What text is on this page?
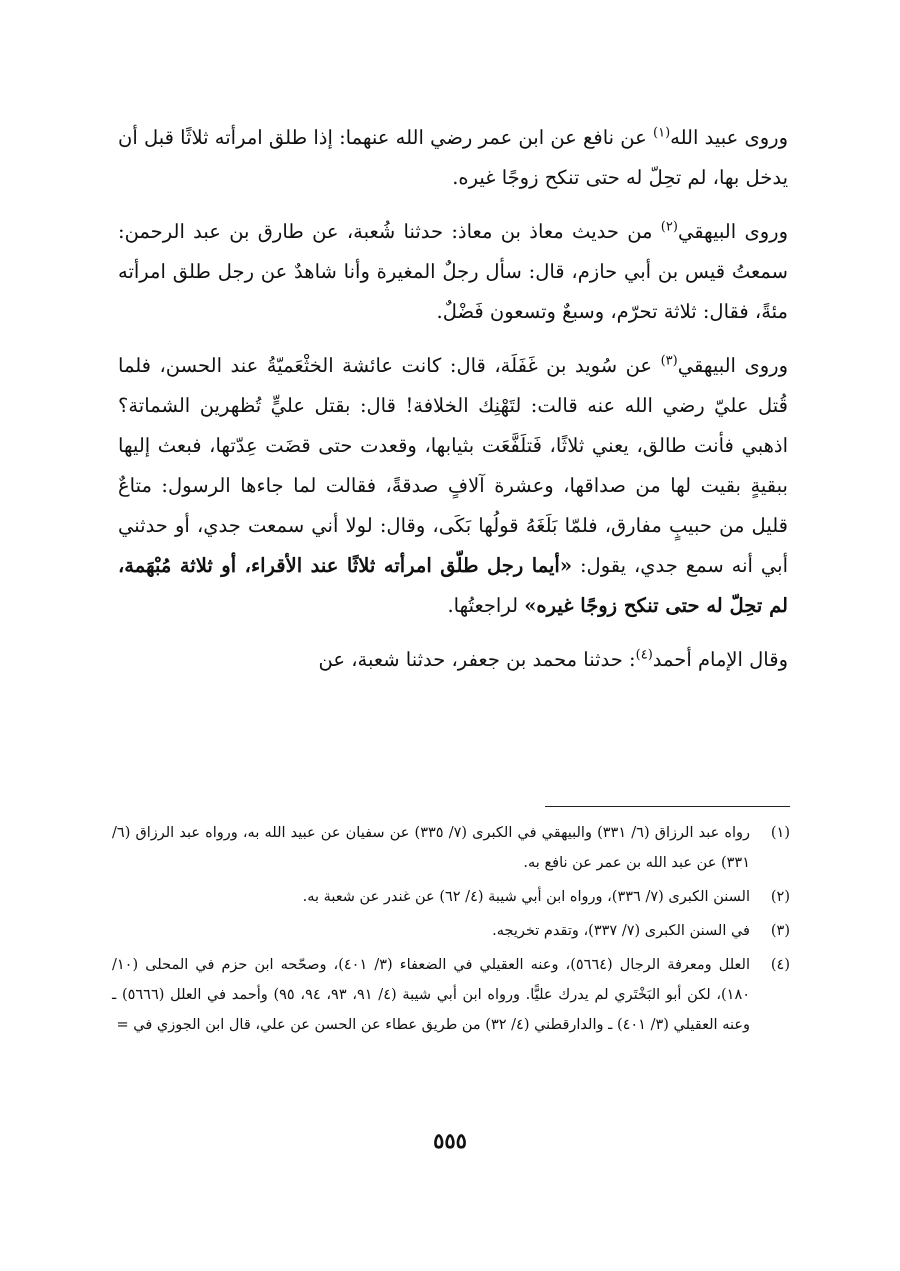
وروى عبيد الله$^{(١)}$ عن نافع عن ابن عمر رضي الله عنهما: إذا طلق امرأته ثلاثًا قبل أن يدخل بها، لم تحِلّ له حتى تنكح زوجًا غيره.

وروى البيهقي$^{(٢)}$ من حديث معاذ بن معاذ: حدثنا شُعبة، عن طارق بن عبد الرحمن: سمعتُ قيس بن أبي حازم، قال: سأل رجلٌ المغيرة وأنا شاهدٌ عن رجل طلق امرأته مئةً، فقال: ثلاثة تحرّم، وسبعٌ وتسعون فَضْلٌ.

وروى البيهقي$^{(٣)}$ عن سُويد بن غَفَلَة، قال: كانت عائشة الخثْعَميّةُ عند الحسن، فلما قُتل عليّ رضي الله عنه قالت: لتَهْنِك الخلافة! قال: بقتل عليٍّ تُظهرين الشماتة؟ اذهبي فأنت طالق، يعني ثلاثًا، فَتلَفَّعَت بثيابها، وقعدت حتى قضَت عِدّتها، فبعث إليها ببقيةٍ بقيت لها من صداقها، وعشرة آلافٍ صدقةً، فقالت لما جاءها الرسول: متاعٌ قليل من حبيبٍ مفارق، فلمّا بَلَغَهُ قولُها بَكَى، وقال: لولا أني سمعت جدي، أو حدثني أبي أنه سمع جدي، يقول: «أيما رجل طلّق امرأته ثلاثًا عند الأقراء، أو ثلاثة مُبْهَمة، لم تحِلّ له حتى تنكح زوجًا غيره» لراجعتُها.

وقال الإمام أحمد$^{(٤)}$: حدثنا محمد بن جعفر، حدثنا شعبة، عن

(١)
رواه عبد الرزاق (٦/ ٣٣١) والبيهقي في الكبرى (٧/ ٣٣٥) عن سفيان عن عبيد الله به، ورواه عبد الرزاق (٦/ ٣٣١) عن عبد الله بن عمر عن نافع به.

(٢)
السنن الكبرى (٧/ ٣٣٦)، ورواه ابن أبي شيبة (٤/ ٦٢) عن غندر عن شعبة به.

(٣)
في السنن الكبرى (٧/ ٣٣٧)، وتقدم تخريجه.

(٤)
العلل ومعرفة الرجال (٥٦٦٤)، وعنه العقيلي في الضعفاء (٣/ ٤٠١)، وصحّحه ابن حزم في المحلى (١٠/ ١٨٠)، لكن أبو البَخْتَري لم يدرك عليًّا. ورواه ابن أبي شيبة (٤/ ٩١، ٩٣، ٩٤، ٩٥) وأحمد في العلل (٥٦٦٦) ـ وعنه العقيلي (٣/ ٤٠١) ـ والدارقطني (٤/ ٣٢) من طريق عطاء عن الحسن عن علي، قال ابن الجوزي في =

٥٥٥
